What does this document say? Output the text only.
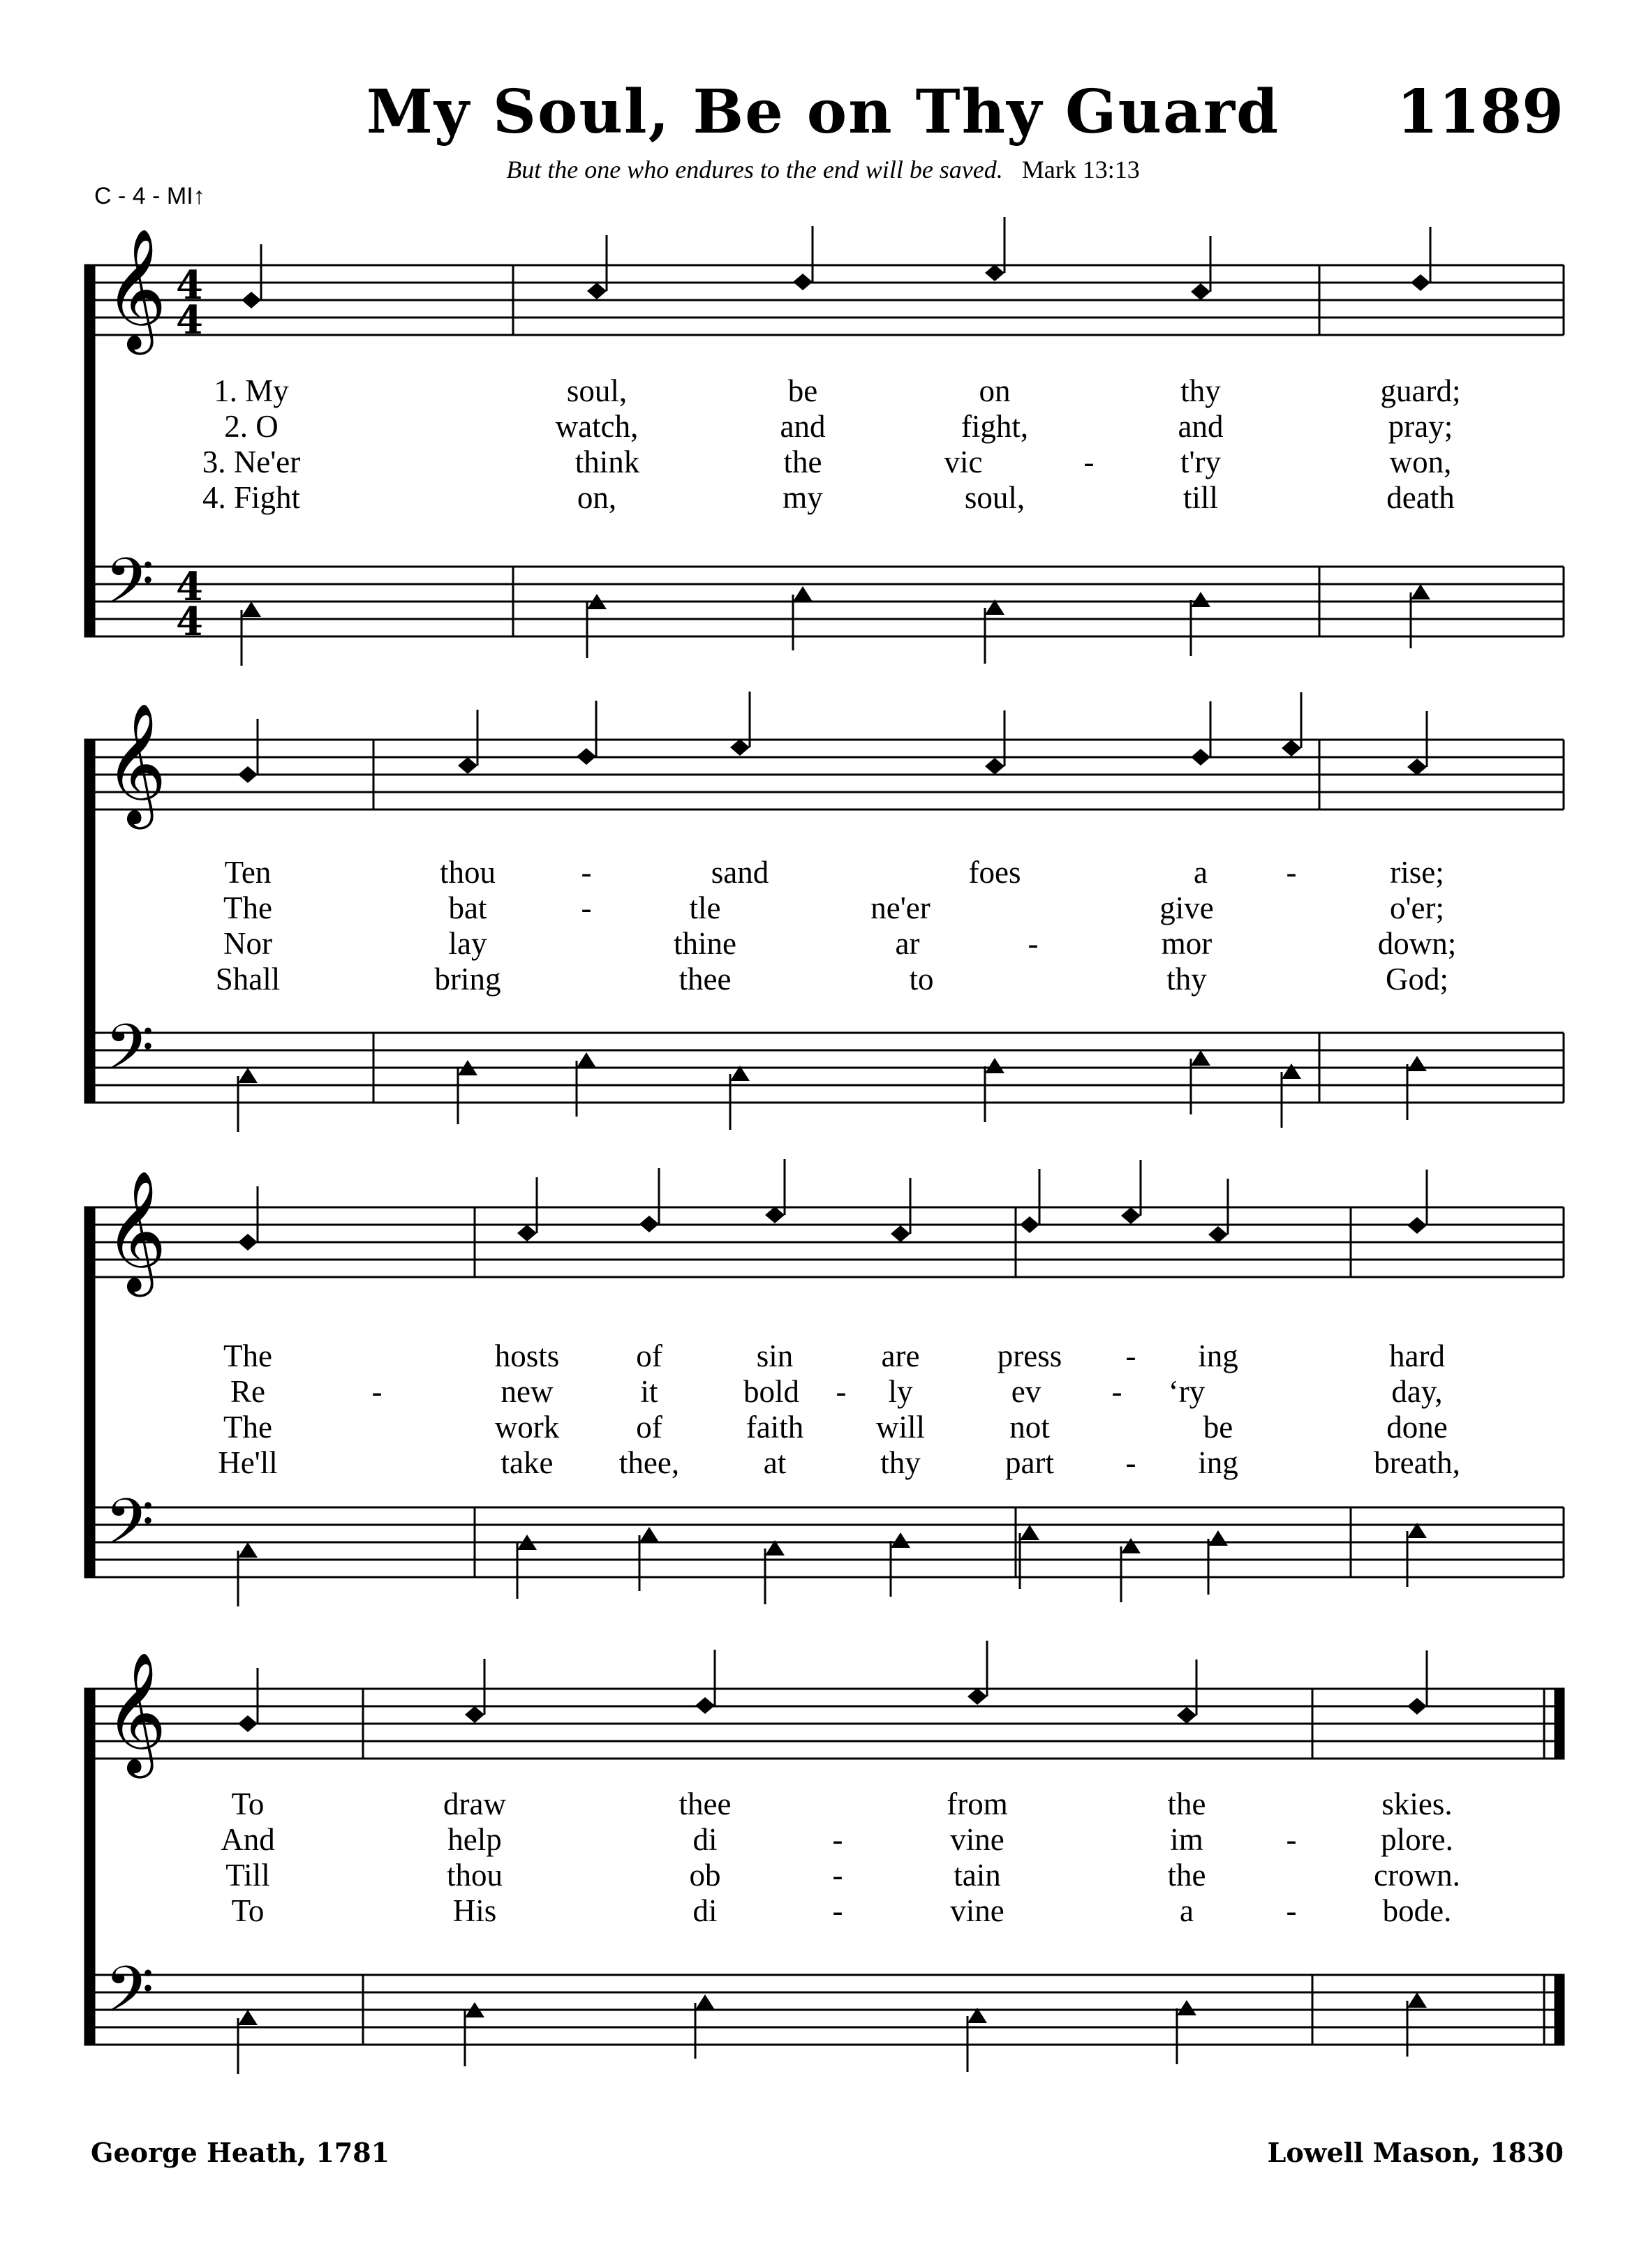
𝄞
𝄢
4
4
4
4
𝄞
𝄢
𝄞
𝄢
𝄞
𝄢
1. My	soul,	be	on	thy	guard;
2. O	watch,	and	fight,	and	pray;
3. Ne'er	think	the	vic	-	t'ry	won,
4. Fight	on,	my	soul,	till	death
Ten	thou	-	sand	foes	a	-	rise;
The	bat	-	tle	ne'er	give	o'er;
Nor	lay	thine	ar	-	mor	down;
Shall	bring	thee	to	thy	God;
The	hosts of	sin	are press - ing	hard
Re	-	new	it	bold - ly	ev - ‘ry	day,
The	work of	faith will	not	be	done
He'll	take thee,	at	thy	part - ing	breath,
To	draw	thee	from	the	skies.
And	help	di	-	vine	im	-	plore.
Till	thou	ob	-	tain	the	crown.
To	His	di	-	vine	a	-	bode.
My Soul, Be on Thy Guard	1189
But the one who endures to the end will be saved. Mark 13:13
C - 4 - MI↑
George Heath, 1781	Lowell Mason, 1830
